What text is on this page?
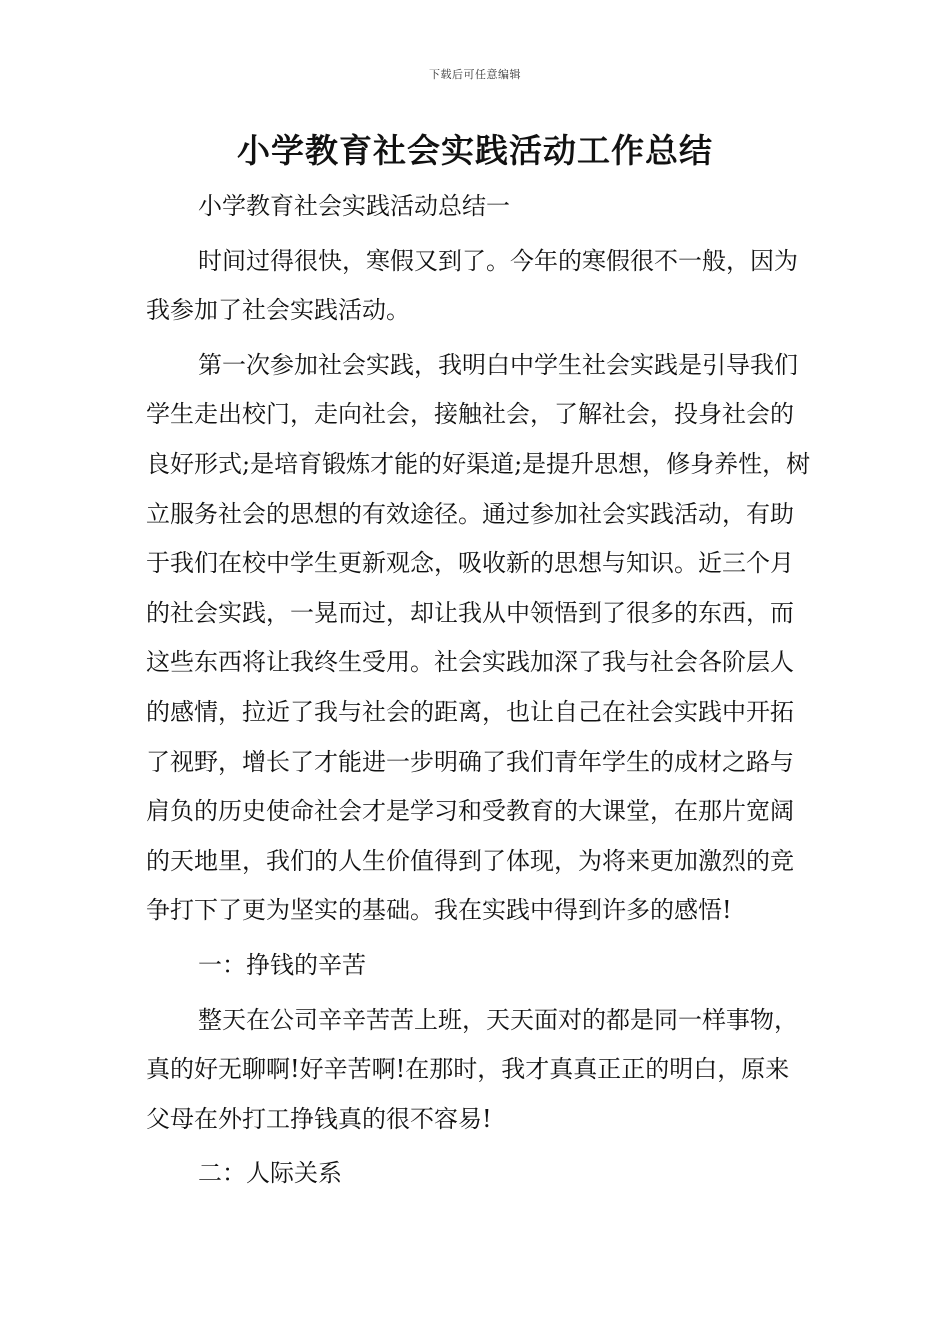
下载后可任意编辑
小学教育社会实践活动工作总结

小学教育社会实践活动总结一

时间过得很快，寒假又到了。今年的寒假很不一般，因为我参加了社会实践活动。

第一次参加社会实践，我明白中学生社会实践是引导我们学生走出校门，走向社会，接触社会，了解社会，投身社会的良好形式;是培育锻炼才能的好渠道;是提升思想，修身养性，树立服务社会的思想的有效途径。通过参加社会实践活动，有助于我们在校中学生更新观念，吸收新的思想与知识。近三个月的社会实践，一晃而过，却让我从中领悟到了很多的东西，而这些东西将让我终生受用。社会实践加深了我与社会各阶层人的感情，拉近了我与社会的距离，也让自己在社会实践中开拓了视野，增长了才能进一步明确了我们青年学生的成材之路与肩负的历史使命社会才是学习和受教育的大课堂，在那片宽阔的天地里，我们的人生价值得到了体现，为将来更加激烈的竞争打下了更为坚实的基础。我在实践中得到许多的感悟!

一：挣钱的辛苦

整天在公司辛辛苦苦上班，天天面对的都是同一样事物，真的好无聊啊!好辛苦啊!在那时，我才真真正正的明白，原来父母在外打工挣钱真的很不容易!

二：人际关系
